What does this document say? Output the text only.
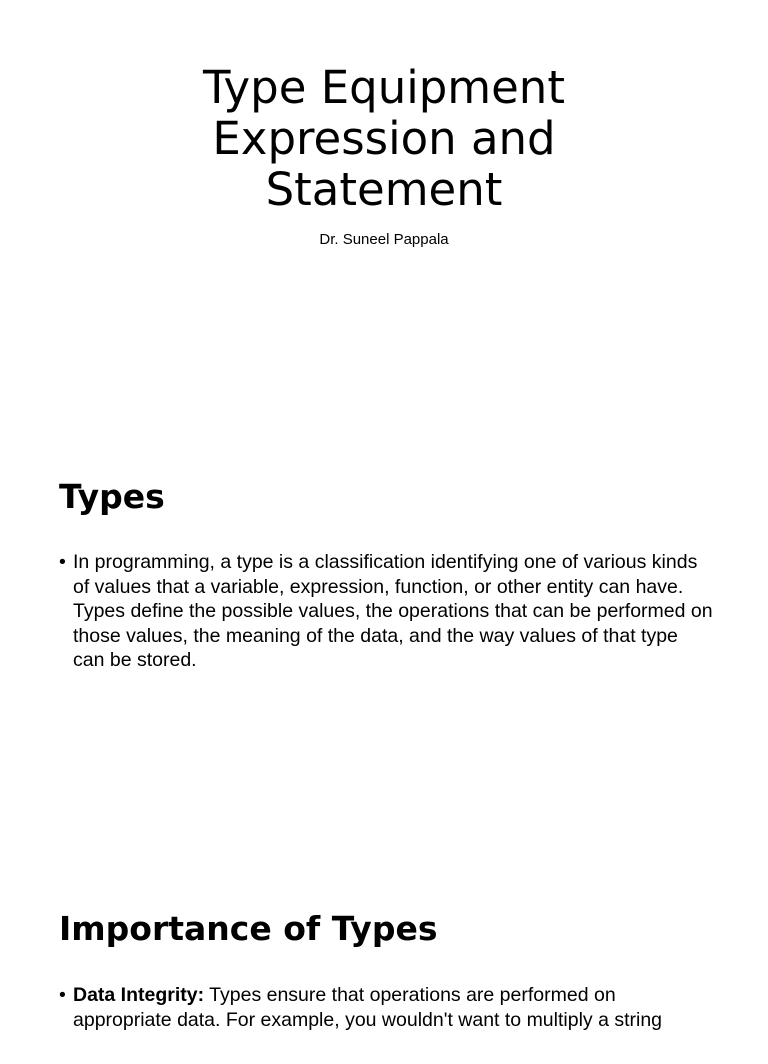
Type Equipment
Expression and
Statement
Dr. Suneel Pappala
Types
• In programming, a type is a classification identifying one of various kinds of values that a variable, expression, function, or other entity can have. Types define the possible values, the operations that can be performed on those values, the meaning of the data, and the way values of that type can be stored.
Importance of Types
• Data Integrity: Types ensure that operations are performed on appropriate data. For example, you wouldn't want to multiply a string
